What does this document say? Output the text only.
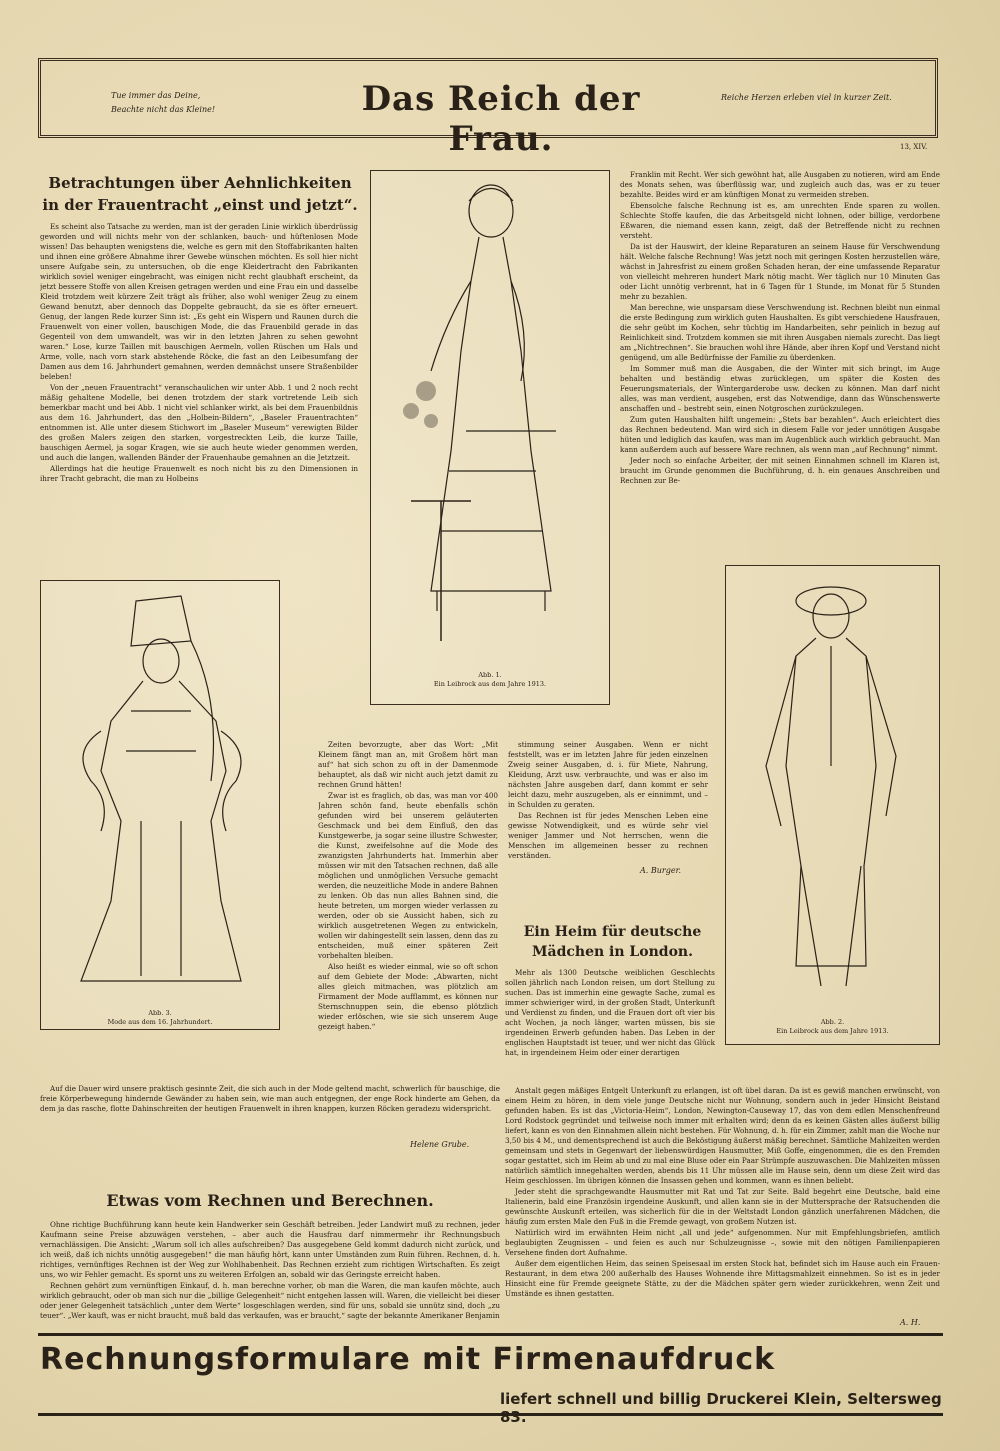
Tue immer das Deine,
Beachte nicht das Kleine!	Das Reich der Frau.
Reiche Herzen erleben viel in kurzer Zeit.
13, XIV.
Betrachtungen über Aehnlichkeiten
in der Frauentracht „einst und jetzt“.

Es scheint also Tatsache zu werden, man ist der geraden Linie wirklich überdrüssig geworden und will nichts mehr von der schlanken, bauch- und hüftenlosen Mode wissen! Das behaupten wenigstens die, welche es gern mit den Stoffabrikanten halten und ihnen eine größere Abnahme ihrer Gewebe wünschen möchten. Es soll hier nicht unsere Aufgabe sein, zu untersuchen, ob die enge Kleidertracht den Fabrikanten wirklich soviel weniger eingebracht, was einigen nicht recht glaubhaft erscheint, da jetzt bessere Stoffe von allen Kreisen getragen werden und eine Frau ein und dasselbe Kleid trotzdem weit kürzere Zeit trägt als früher, also wohl weniger Zeug zu einem Gewand benutzt, aber dennoch das Doppelte gebraucht, da sie es öfter erneuert. Genug, der langen Rede kurzer Sinn ist: „Es geht ein Wispern und Raunen durch die Frauenwelt von einer vollen, bauschigen Mode, die das Frauenbild gerade in das Gegenteil von dem umwandelt, was wir in den letzten Jahren zu sehen gewohnt waren.“ Lose, kurze Taillen mit bauschigen Aermeln, vollen Rüschen um Hals und Arme, volle, nach vorn stark abstehende Röcke, die fast an den Leibesumfang der Damen aus dem 16. Jahrhundert gemahnen, werden demnächst unsere Straßenbilder beleben!

Von der „neuen Frauentracht“ veranschaulichen wir unter Abb. 1 und 2 noch recht mäßig gehaltene Modelle, bei denen trotzdem der stark vortretende Leib sich bemerkbar macht und bei Abb. 1 nicht viel schlanker wirkt, als bei dem Frauenbildnis aus dem 16. Jahrhundert, das den „Holbein-Bildern“, „Baseler Frauentrachten“ entnommen ist. Alle unter diesem Stichwort im „Baseler Museum“ verewigten Bilder des großen Malers zeigen den starken, vorgestreckten Leib, die kurze Taille, bauschigen Aermel, ja sogar Kragen, wie sie auch heute wieder genommen werden, und auch die langen, wallenden Bänder der Frauenhaube gemahnen an die Jetztzeit.

Allerdings hat die heutige Frauenwelt es noch nicht bis zu den Dimensionen in ihrer Tracht gebracht, die man zu Holbeins

Abb. 1.
Ein Leibrock aus dem Jahre 1913.

Franklin mit Recht. Wer sich gewöhnt hat, alle Ausgaben zu notieren, wird am Ende des Monats sehen, was überflüssig war, und zugleich auch das, was er zu teuer bezahlte. Beides wird er am künftigen Monat zu vermeiden streben.

Ebensolche falsche Rechnung ist es, am unrechten Ende sparen zu wollen. Schlechte Stoffe kaufen, die das Arbeitsgeld nicht lohnen, oder billige, verdorbene Eßwaren, die niemand essen kann, zeigt, daß der Betreffende nicht zu rechnen versteht.

Da ist der Hauswirt, der kleine Reparaturen an seinem Hause für Verschwendung hält. Welche falsche Rechnung! Was jetzt noch mit geringen Kosten herzustellen wäre, wächst in Jahresfrist zu einem großen Schaden heran, der eine umfassende Reparatur von vielleicht mehreren hundert Mark nötig macht. Wer täglich nur 10 Minuten Gas oder Licht unnötig verbrennt, hat in 6 Tagen für 1 Stunde, im Monat für 5 Stunden mehr zu bezahlen.

Man berechne, wie unsparsam diese Verschwendung ist. Rechnen bleibt nun einmal die erste Bedingung zum wirklich guten Haushalten. Es gibt verschiedene Hausfrauen, die sehr geübt im Kochen, sehr tüchtig im Handarbeiten, sehr peinlich in bezug auf Reinlichkeit sind. Trotzdem kommen sie mit ihren Ausgaben niemals zurecht. Das liegt am „Nichtrechnen“. Sie brauchen wohl ihre Hände, aber ihren Kopf und Verstand nicht genügend, um alle Bedürfnisse der Familie zu überdenken.

Im Sommer muß man die Ausgaben, die der Winter mit sich bringt, im Auge behalten und beständig etwas zurücklegen, um später die Kosten des Feuerungsmaterials, der Wintergarderobe usw. decken zu können. Man darf nicht alles, was man verdient, ausgeben, erst das Notwendige, dann das Wünschenswerte anschaffen und – bestrebt sein, einen Notgroschen zurückzulegen.

Zum guten Haushalten hilft ungemein: „Stets bar bezahlen“. Auch erleichtert dies das Rechnen bedeutend. Man wird sich in diesem Falle vor jeder unnötigen Ausgabe hüten und lediglich das kaufen, was man im Augenblick auch wirklich gebraucht. Man kann außerdem auch auf bessere Ware rechnen, als wenn man „auf Rechnung“ nimmt.

Jeder noch so einfache Arbeiter, der mit seinen Einnahmen schnell im Klaren ist, braucht im Grunde genommen die Buchführung, d. h. ein genaues Anschreiben und Rechnen zur Be-

Abb. 3.
Mode aus dem 16. Jahrhundert.

Zeiten bevorzugte, aber das Wort: „Mit Kleinem fängt man an, mit Großem hört man auf“ hat sich schon zu oft in der Damenmode behauptet, als daß wir nicht auch jetzt damit zu rechnen Grund hätten!

Zwar ist es fraglich, ob das, was man vor 400 Jahren schön fand, heute ebenfalls schön gefunden wird bei unserem geläuterten Geschmack und bei dem Einfluß, den das Kunstgewerbe, ja sogar seine illustre Schwester, die Kunst, zweifelsohne auf die Mode des zwanzigsten Jahrhunderts hat. Immerhin aber müssen wir mit den Tatsachen rechnen, daß alle möglichen und unmöglichen Versuche gemacht werden, die neuzeitliche Mode in andere Bahnen zu lenken. Ob das nun alles Bahnen sind, die heute betreten, um morgen wieder verlassen zu werden, oder ob sie Aussicht haben, sich zu wirklich ausgetretenen Wegen zu entwickeln, wollen wir dahingestellt sein lassen, denn das zu entscheiden, muß einer späteren Zeit vorbehalten bleiben.

Also heißt es wieder einmal, wie so oft schon auf dem Gebiete der Mode: „Abwarten, nicht alles gleich mitmachen, was plötzlich am Firmament der Mode aufflammt, es können nur Sternschnuppen sein, die ebenso plötzlich wieder erlöschen, wie sie sich unserem Auge gezeigt haben.“

stimmung seiner Ausgaben. Wenn er nicht feststellt, was er im letzten Jahre für jeden einzelnen Zweig seiner Ausgaben, d. i. für Miete, Nahrung, Kleidung, Arzt usw. verbrauchte, und was er also im nächsten Jahre ausgeben darf, dann kommt er sehr leicht dazu, mehr auszugeben, als er einnimmt, und – in Schulden zu geraten.

Das Rechnen ist für jedes Menschen Leben eine gewisse Notwendigkeit, und es würde sehr viel weniger Jammer und Not herrschen, wenn die Menschen im allgemeinen besser zu rechnen verständen.

A. Burger.
Abb. 2.
Ein Leibrock aus dem Jahre 1913.
Ein Heim für deutsche
Mädchen in London.

Mehr als 1300 Deutsche weiblichen Geschlechts sollen jährlich nach London reisen, um dort Stellung zu suchen. Das ist immerhin eine gewagte Sache, zumal es immer schwieriger wird, in der großen Stadt, Unterkunft und Verdienst zu finden, und die Frauen dort oft vier bis acht Wochen, ja noch länger, warten müssen, bis sie irgendeinen Erwerb gefunden haben. Das Leben in der englischen Hauptstadt ist teuer, und wer nicht das Glück hat, in irgendeinem Heim oder einer derartigen

Auf die Dauer wird unsere praktisch gesinnte Zeit, die sich auch in der Mode geltend macht, schwerlich für bauschige, die freie Körperbewegung hindernde Gewänder zu haben sein, wie man auch entgegnen, der enge Rock hinderte am Gehen, da dem ja das rasche, flotte Dahinschreiten der heutigen Frauenwelt in ihren knappen, kurzen Röcken geradezu widerspricht.

Helene Grube.

Anstalt gegen mäßiges Entgelt Unterkunft zu erlangen, ist oft übel daran. Da ist es gewiß manchen erwünscht, von einem Heim zu hören, in dem viele junge Deutsche nicht nur Wohnung, sondern auch in jeder Hinsicht Beistand gefunden haben. Es ist das „Victoria-Heim“, London, Newington-Causeway 17, das von dem edlen Menschenfreund Lord Rodstock gegründet und teilweise noch immer mit erhalten wird; denn da es keinen Gästen alles äußerst billig liefert, kann es von den Einnahmen allein nicht bestehen. Für Wohnung, d. h. für ein Zimmer, zahlt man die Woche nur 3,50 bis 4 M., und dementsprechend ist auch die Beköstigung äußerst mäßig berechnet. Sämtliche Mahlzeiten werden gemeinsam und stets in Gegenwart der liebenswürdigen Hausmutter, Miß Goffe, eingenommen, die es den Fremden sogar gestattet, sich im Heim ab und zu mal eine Bluse oder ein Paar Strümpfe auszuwaschen. Die Mahlzeiten müssen natürlich sämtlich innegehalten werden, abends bis 11 Uhr müssen alle im Hause sein, denn um diese Zeit wird das Heim geschlossen. Im übrigen können die Insassen gehen und kommen, wann es ihnen beliebt.

Jeder steht die sprachgewandte Hausmutter mit Rat und Tat zur Seite. Bald begehrt eine Deutsche, bald eine Italienerin, bald eine Französin irgendeine Auskunft, und allen kann sie in der Muttersprache der Ratsuchenden die gewünschte Auskunft erteilen, was sicherlich für die in der Weltstadt London gänzlich unerfahrenen Mädchen, die häufig zum ersten Male den Fuß in die Fremde gewagt, von großem Nutzen ist.

Natürlich wird im erwähnten Heim nicht „all und jede“ aufgenommen. Nur mit Empfehlungsbriefen, amtlich beglaubigten Zeugnissen – und feien es auch nur Schulzeugnisse –, sowie mit den nötigen Familienpapieren Versehene finden dort Aufnahme.

Außer dem eigentlichen Heim, das seinen Speisesaal im ersten Stock hat, befindet sich im Hause auch ein Frauen-Restaurant, in dem etwa 200 außerhalb des Hauses Wohnende ihre Mittagsmahlzeit einnehmen. So ist es in jeder Hinsicht eine für Fremde geeignete Stätte, zu der die Mädchen später gern wieder zurückkehren, wenn Zeit und Umstände es ihnen gestatten.

A. H.
Etwas vom Rechnen und Berechnen.

Ohne richtige Buchführung kann heute kein Handwerker sein Geschäft betreiben. Jeder Landwirt muß zu rechnen, jeder Kaufmann seine Preise abzuwägen verstehen, – aber auch die Hausfrau darf nimmermehr ihr Rechnungsbuch vernachlässigen. Die Ansicht: „Warum soll ich alles aufschreiben? Das ausgegebene Geld kommt dadurch nicht zurück, und ich weiß, daß ich nichts unnötig ausgegeben!“ die man häufig hört, kann unter Umständen zum Ruin führen. Rechnen, d. h. richtiges, vernünftiges Rechnen ist der Weg zur Wohlhabenheit. Das Rechnen erzieht zum richtigen Wirtschaften. Es zeigt uns, wo wir Fehler gemacht. Es spornt uns zu weiteren Erfolgen an, sobald wir das Geringste erreicht haben.

Rechnen gehört zum vernünftigen Einkauf, d. h. man berechne vorher, ob man die Waren, die man kaufen möchte, auch wirklich gebraucht, oder ob man sich nur die „billige Gelegenheit“ nicht entgehen lassen will. Waren, die vielleicht bei dieser oder jener Gelegenheit tatsächlich „unter dem Werte“ losgeschlagen werden, sind für uns, sobald sie unnütz sind, doch „zu teuer“. „Wer kauft, was er nicht braucht, muß bald das verkaufen, was er braucht,“ sagte der bekannte Amerikaner Benjamin

Rechnungsformulare mit Firmenaufdruck
liefert schnell und billig Druckerei Klein, Seltersweg 83.
